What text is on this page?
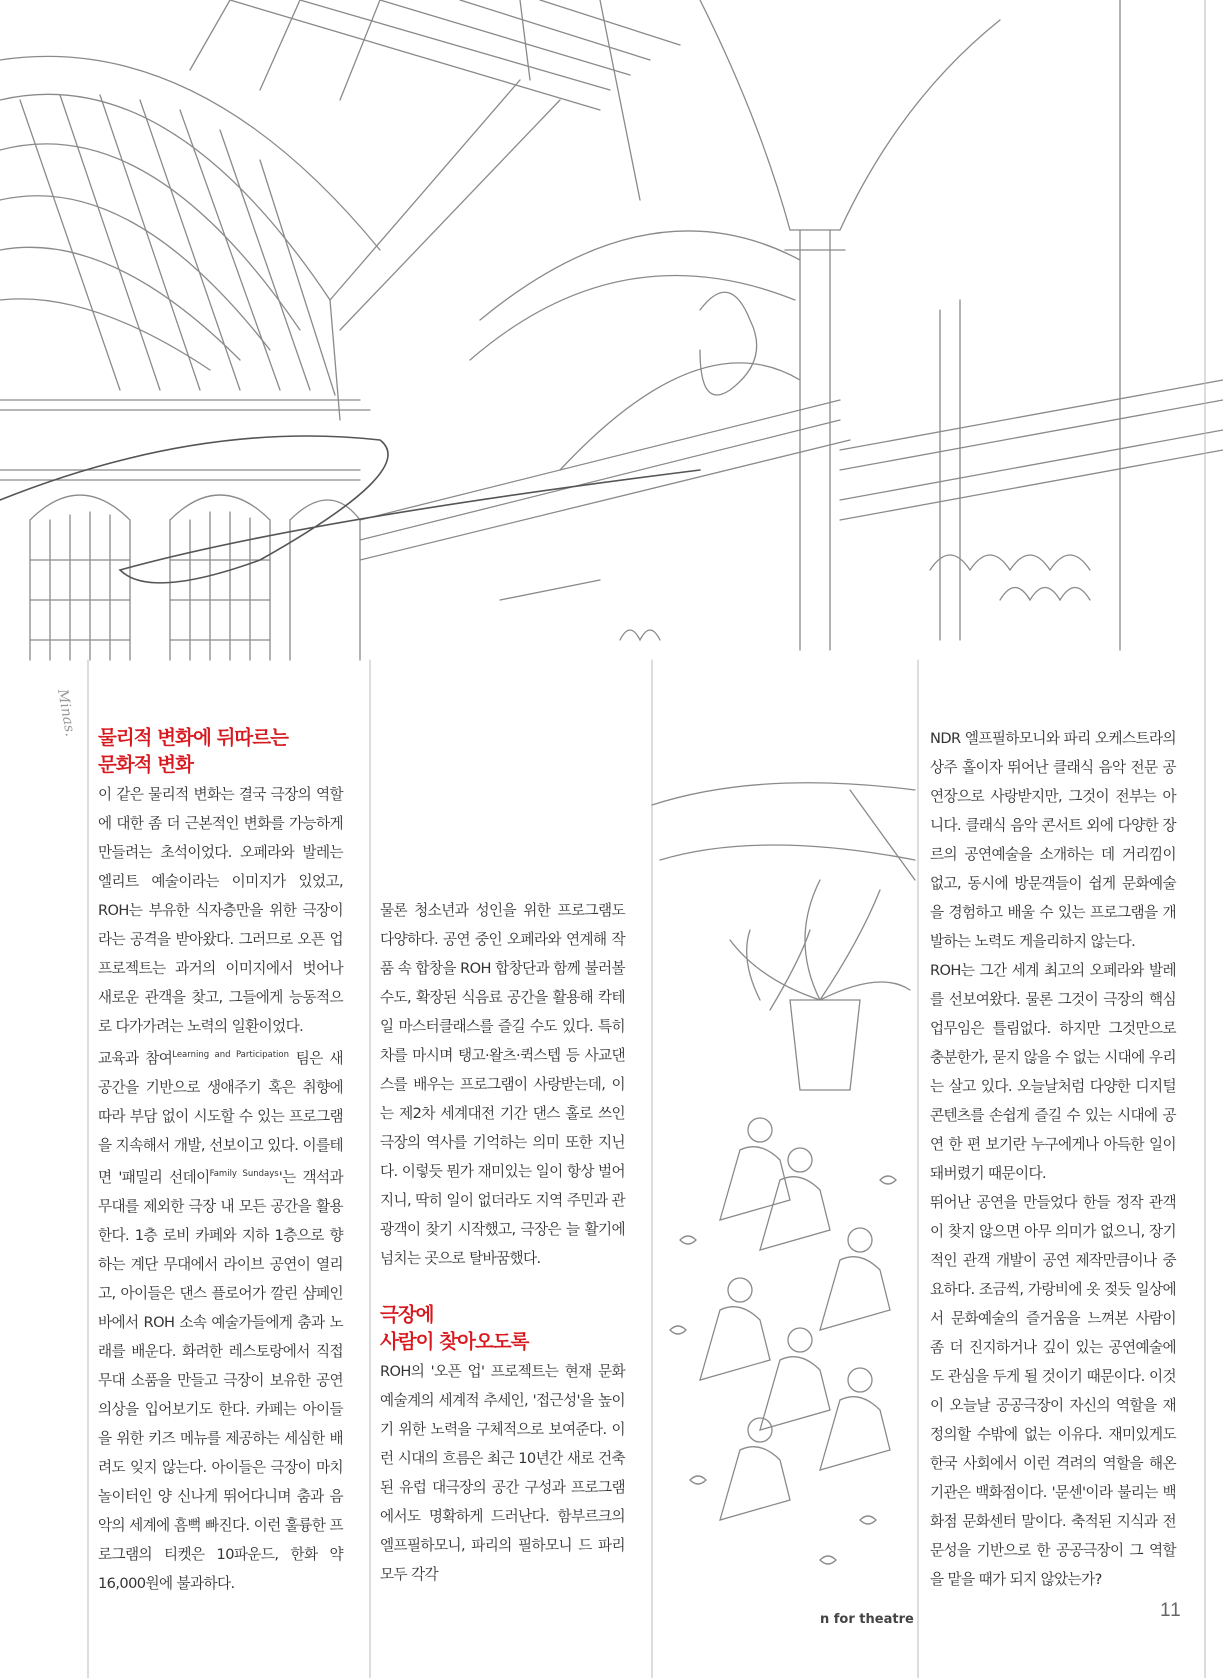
Minas. 물리적 변화에 뒤따르는
문화적 변화

이 같은 물리적 변화는 결국 극장의 역할에 대한 좀 더 근본적인 변화를 가능하게 만들려는 초석이었다. 오페라와 발레는 엘리트 예술이라는 이미지가 있었고, ROH는 부유한 식자층만을 위한 극장이라는 공격을 받아왔다. 그러므로 오픈 업 프로젝트는 과거의 이미지에서 벗어나 새로운 관객을 찾고, 그들에게 능동적으로 다가가려는 노력의 일환이었다.

교육과 참여$^{Learning and Participation}$ 팀은 새 공간을 기반으로 생애주기 혹은 취향에 따라 부담 없이 시도할 수 있는 프로그램을 지속해서 개발, 선보이고 있다. 이를테면 '패밀리 선데이$^{Family Sundays}$'는 객석과 무대를 제외한 극장 내 모든 공간을 활용한다. 1층 로비 카페와 지하 1층으로 향하는 계단 무대에서 라이브 공연이 열리고, 아이들은 댄스 플로어가 깔린 샴페인 바에서 ROH 소속 예술가들에게 춤과 노래를 배운다. 화려한 레스토랑에서 직접 무대 소품을 만들고 극장이 보유한 공연 의상을 입어보기도 한다. 카페는 아이들을 위한 키즈 메뉴를 제공하는 세심한 배려도 잊지 않는다. 아이들은 극장이 마치 놀이터인 양 신나게 뛰어다니며 춤과 음악의 세계에 흠뻑 빠진다. 이런 훌륭한 프로그램의 티켓은 10파운드, 한화 약 16,000원에 불과하다.

물론 청소년과 성인을 위한 프로그램도 다양하다. 공연 중인 오페라와 연계해 작품 속 합창을 ROH 합창단과 함께 불러볼 수도, 확장된 식음료 공간을 활용해 칵테일 마스터클래스를 즐길 수도 있다. 특히 차를 마시며 탱고·왈츠·퀵스텝 등 사교댄스를 배우는 프로그램이 사랑받는데, 이는 제2차 세계대전 기간 댄스 홀로 쓰인 극장의 역사를 기억하는 의미 또한 지닌다. 이렇듯 뭔가 재미있는 일이 항상 벌어지니, 딱히 일이 없더라도 지역 주민과 관광객이 찾기 시작했고, 극장은 늘 활기에 넘치는 곳으로 탈바꿈했다.

극장에
사람이 찾아오도록

ROH의 '오픈 업' 프로젝트는 현재 문화예술계의 세계적 추세인, '접근성'을 높이기 위한 노력을 구체적으로 보여준다. 이런 시대의 흐름은 최근 10년간 새로 건축된 유럽 대극장의 공간 구성과 프로그램에서도 명확하게 드러난다. 함부르크의 엘프필하모니, 파리의 필하모니 드 파리 모두 각각

NDR 엘프필하모니와 파리 오케스트라의 상주 홀이자 뛰어난 클래식 음악 전문 공연장으로 사랑받지만, 그것이 전부는 아니다. 클래식 음악 콘서트 외에 다양한 장르의 공연예술을 소개하는 데 거리낌이 없고, 동시에 방문객들이 쉽게 문화예술을 경험하고 배울 수 있는 프로그램을 개발하는 노력도 게을리하지 않는다.

ROH는 그간 세계 최고의 오페라와 발레를 선보여왔다. 물론 그것이 극장의 핵심 업무임은 틀림없다. 하지만 그것만으로 충분한가, 묻지 않을 수 없는 시대에 우리는 살고 있다. 오늘날처럼 다양한 디지털 콘텐츠를 손쉽게 즐길 수 있는 시대에 공연 한 편 보기란 누구에게나 아득한 일이 돼버렸기 때문이다.

뛰어난 공연을 만들었다 한들 정작 관객이 찾지 않으면 아무 의미가 없으니, 장기적인 관객 개발이 공연 제작만큼이나 중요하다. 조금씩, 가랑비에 옷 젖듯 일상에서 문화예술의 즐거움을 느껴본 사람이 좀 더 진지하거나 깊이 있는 공연예술에도 관심을 두게 될 것이기 때문이다. 이것이 오늘날 공공극장이 자신의 역할을 재정의할 수밖에 없는 이유다. 재미있게도 한국 사회에서 이런 격려의 역할을 해온 기관은 백화점이다. '문센'이라 불리는 백화점 문화센터 말이다. 축적된 지식과 전문성을 기반으로 한 공공극장이 그 역할을 맡을 때가 되지 않았는가?

n for theatre	11
